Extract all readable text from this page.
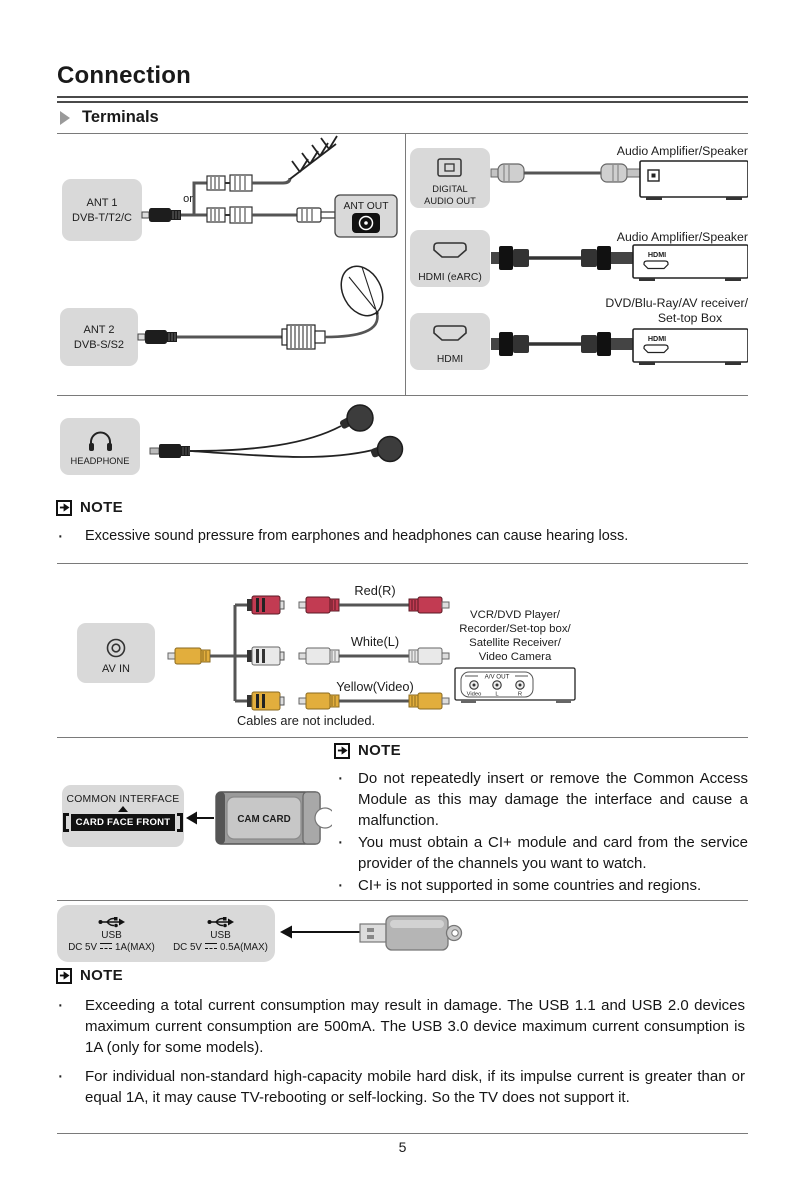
Connection
Terminals
ANT 1
DVB-T/T2/C
or
ANT OUT
ANT 2
DVB-S/S2
DIGITAL
AUDIO OUT
Audio Amplifier/Speaker
HDMI (eARC)
Audio Amplifier/Speaker
HDMI
HDMI
DVD/Blu-Ray/AV receiver/
Set-top Box
HDMI
HEADPHONE
NOTE
·	Excessive sound pressure from earphones and headphones can cause hearing loss.
AV IN
Red(R)
White(L)
Yellow(Video)
Cables are not included.
VCR/DVD Player/
Recorder/Set-top box/
Satellite Receiver/
Video Camera
A/V OUT
Video L	R
NOTE
· Do not repeatedly insert or remove the Common Access Module as this may damage the interface and cause a malfunction.
· You must obtain a CI+ module and card from the service provider of the channels you want to watch.
· CI+ is not supported in some countries and regions.
COMMON INTERFACE
CARD FACE FRONT	CAM CARD
USB
DC 5V 1A(MAX)
USB
DC 5V 0.5A(MAX)
NOTE
·	Exceeding a total current consumption may result in damage. The USB 1.1 and USB 2.0 devices maximum current consumption are 500mA. The USB 3.0 device maximum current consumption is 1A (only for some models).
·	For individual non-standard high-capacity mobile hard disk, if its impulse current is greater than or equal 1A, it may cause TV-rebooting or self-locking. So the TV does not support it.
5
